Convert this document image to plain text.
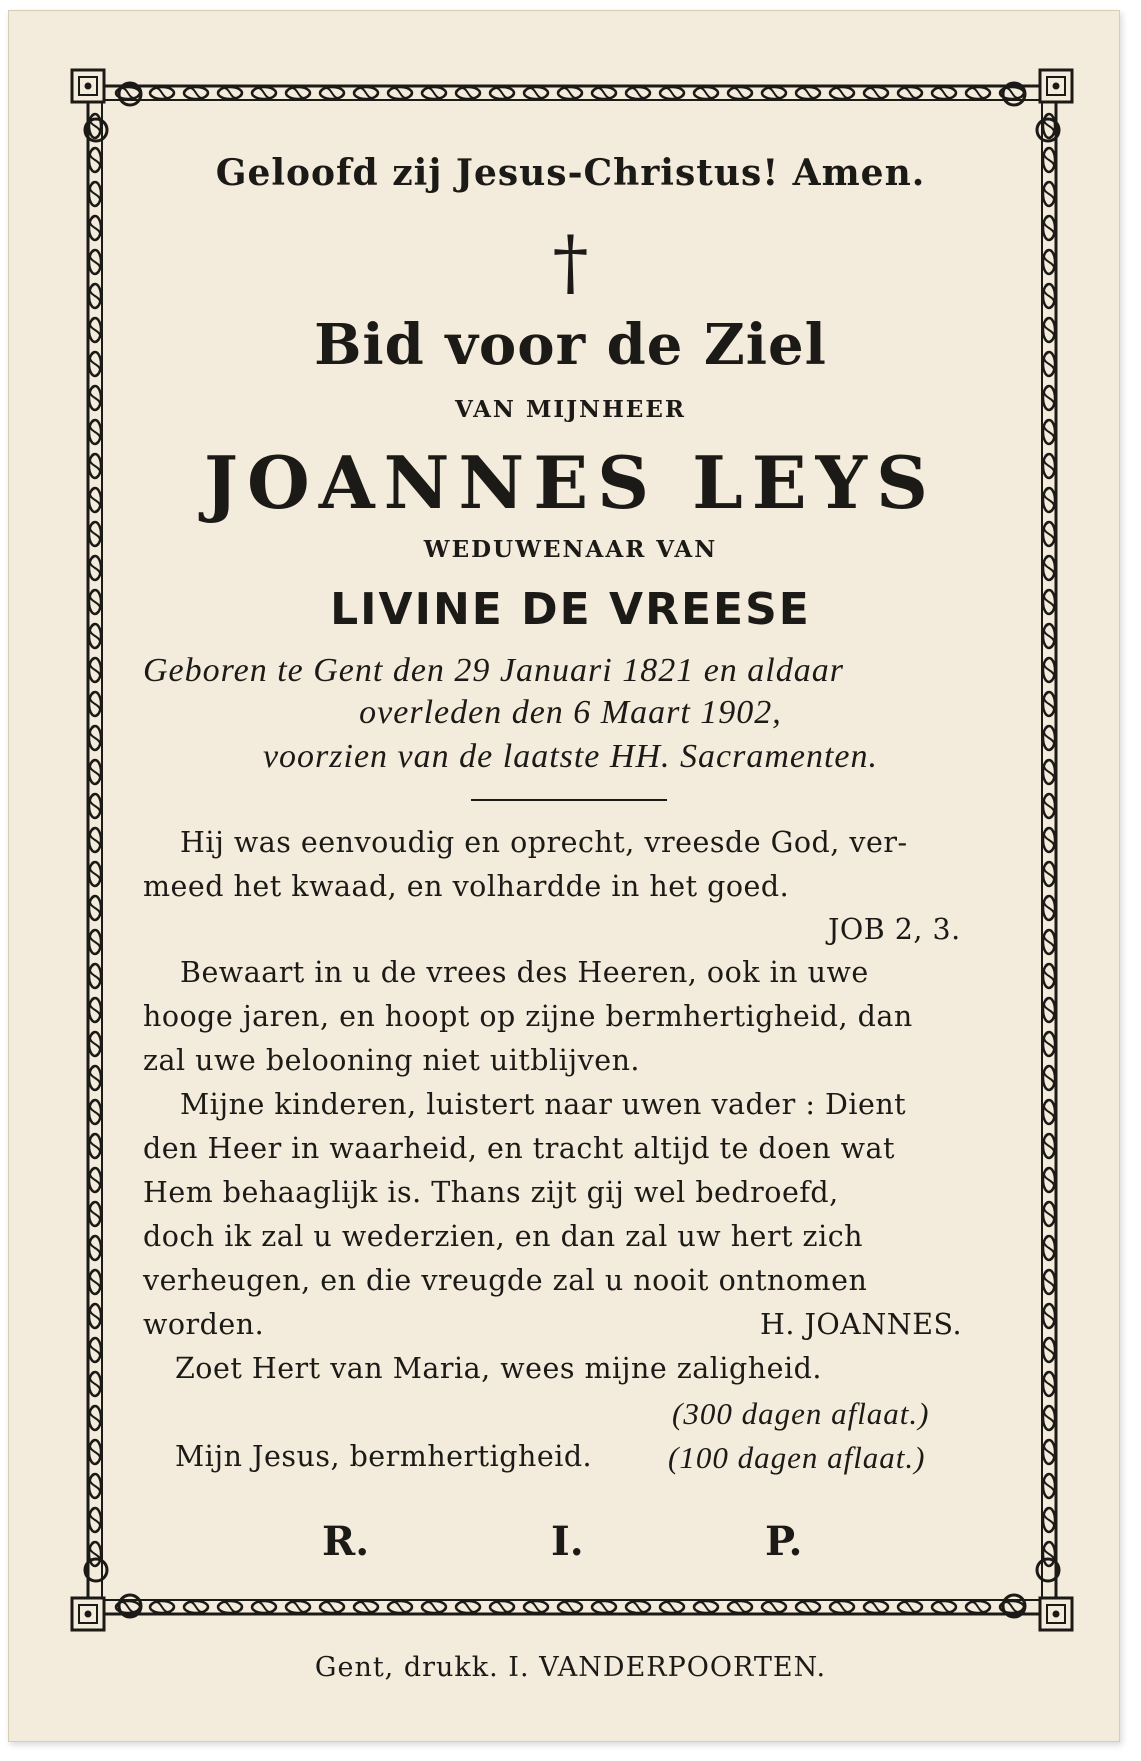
Geloofd zij Jesus-Christus! Amen.
†
Bid voor de Ziel
VAN MIJNHEER
JOANNES LEYS
WEDUWENAAR VAN
LIVINE DE VREESE
Geboren te Gent den 29 Januari 1821 en aldaar
overleden den 6 Maart 1902,
voorzien van de laatste HH. Sacramenten.
Hij was eenvoudig en oprecht, vreesde God, ver-
meed het kwaad, en volhardde in het goed.
JOB 2, 3.
Bewaart in u de vrees des Heeren, ook in uwe
hooge jaren, en hoopt op zijne bermhertigheid, dan
zal uwe belooning niet uitblijven.
Mijne kinderen, luistert naar uwen vader : Dient
den Heer in waarheid, en tracht altijd te doen wat
Hem behaaglijk is. Thans zijt gij wel bedroefd,
doch ik zal u wederzien, en dan zal uw hert zich
verheugen, en die vreugde zal u nooit ontnomen
worden.	H. JOANNES.
Zoet Hert van Maria, wees mijne zaligheid.
(300 dagen aflaat.)
Mijn Jesus, bermhertigheid. (100 dagen aflaat.)
R.	I.	P.
Gent, drukk. I. VANDERPOORTEN.
